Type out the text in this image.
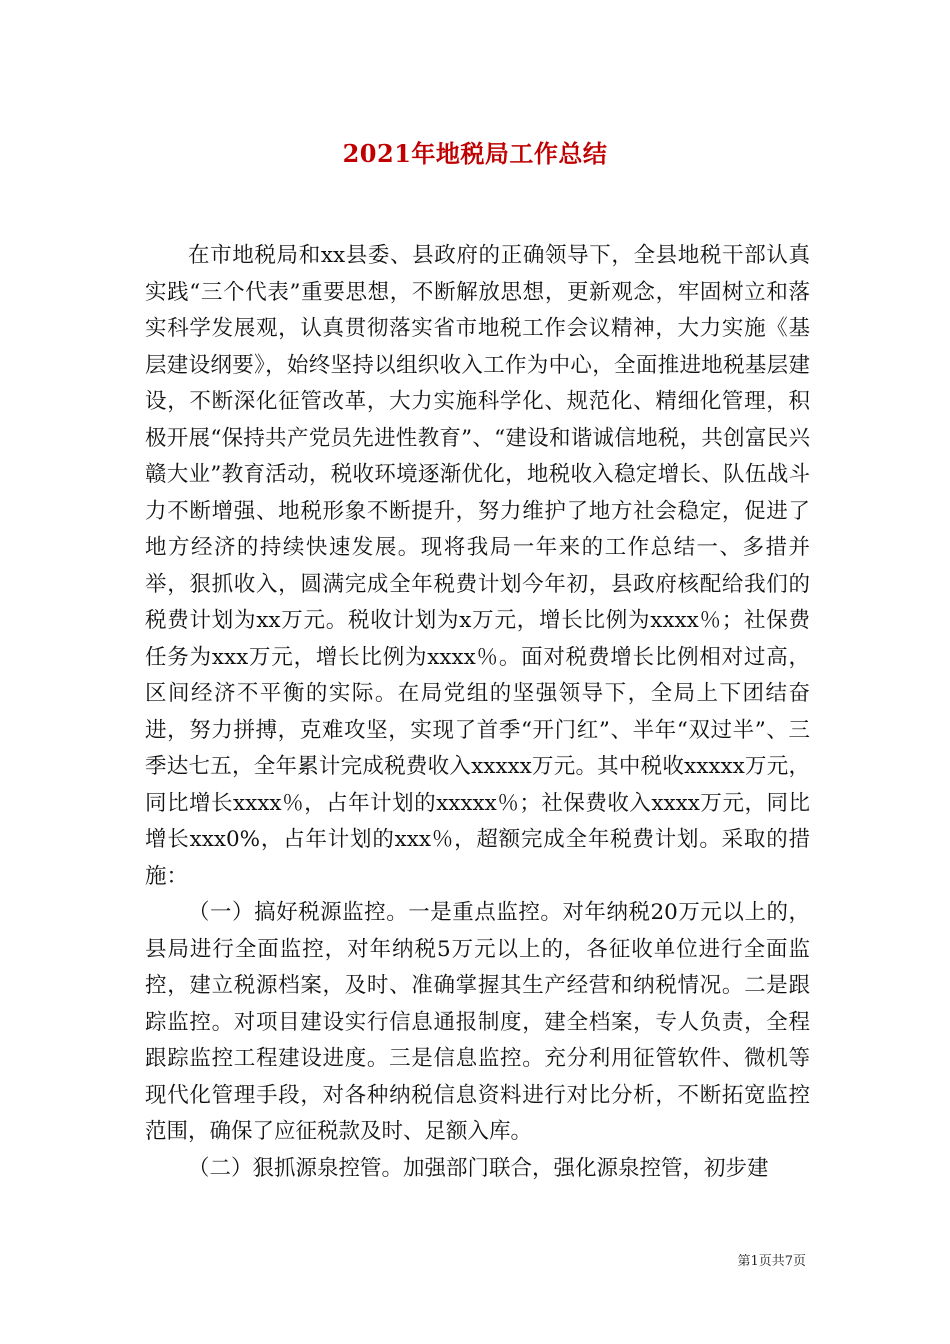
2021年地税局工作总结

在市地税局和xx县委、县政府的正确领导下，全县地税干部认真实践“三个代表”重要思想，不断解放思想，更新观念，牢固树立和落实科学发展观，认真贯彻落实省市地税工作会议精神，大力实施《基层建设纲要》，始终坚持以组织收入工作为中心，全面推进地税基层建设，不断深化征管改革，大力实施科学化、规范化、精细化管理，积极开展“保持共产党员先进性教育”、“建设和谐诚信地税，共创富民兴赣大业”教育活动，税收环境逐渐优化，地税收入稳定增长、队伍战斗力不断增强、地税形象不断提升，努力维护了地方社会稳定，促进了地方经济的持续快速发展。现将我局一年来的工作总结一、多措并举，狠抓收入，圆满完成全年税费计划今年初，县政府核配给我们的税费计划为xx万元。税收计划为x万元，增长比例为xxxx％；社保费任务为xxx万元，增长比例为xxxx％。面对税费增长比例相对过高，区间经济不平衡的实际。在局党组的坚强领导下，全局上下团结奋进，努力拼搏，克难攻坚，实现了首季“开门红”、半年“双过半”、三季达七五，全年累计完成税费收入xxxxx万元。其中税收xxxxx万元，同比增长xxxx％，占年计划的xxxxx％；社保费收入xxxx万元，同比增长xxx0%，占年计划的xxx％，超额完成全年税费计划。采取的措施：

（一）搞好税源监控。一是重点监控。对年纳税20万元以上的，县局进行全面监控，对年纳税5万元以上的，各征收单位进行全面监控，建立税源档案，及时、准确掌握其生产经营和纳税情况。二是跟踪监控。对项目建设实行信息通报制度，建全档案，专人负责，全程跟踪监控工程建设进度。三是信息监控。充分利用征管软件、微机等现代化管理手段，对各种纳税信息资料进行对比分析，不断拓宽监控范围，确保了应征税款及时、足额入库。

（二）狠抓源泉控管。加强部门联合，强化源泉控管，初步建

第1页共7页
